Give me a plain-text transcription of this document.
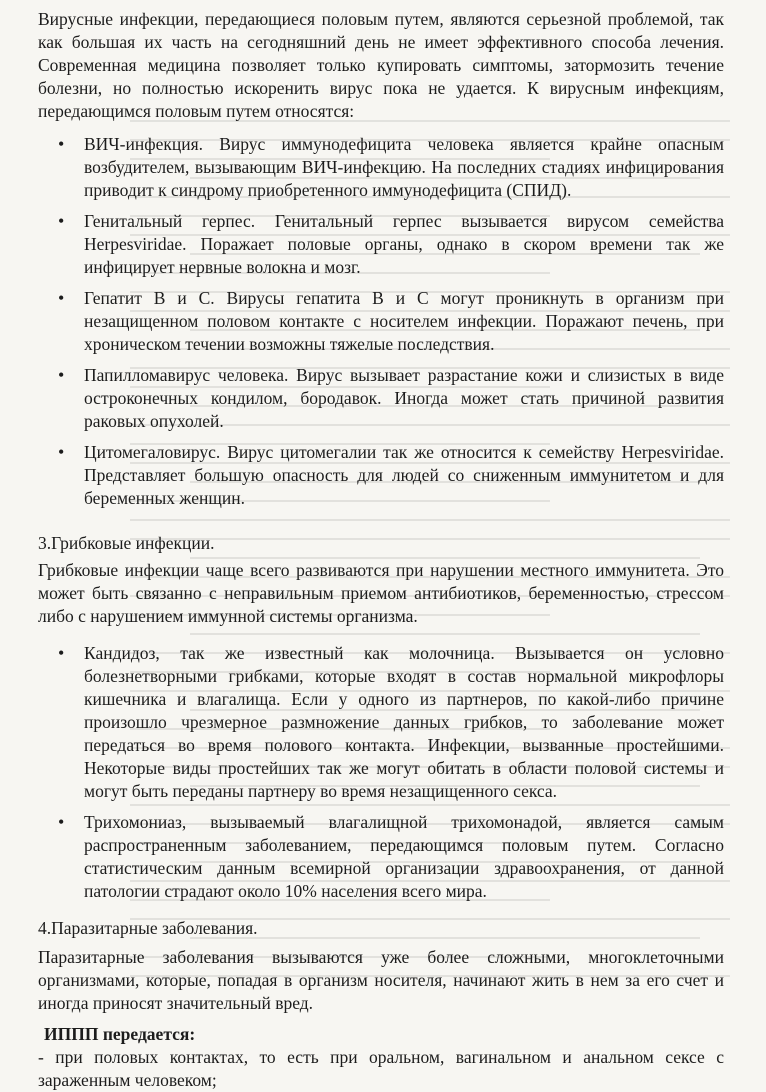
Вирусные инфекции, передающиеся половым путем, являются серьезной проблемой, так как большая их часть на сегодняшний день не имеет эффективного способа лечения. Современная медицина позволяет только купировать симптомы, затормозить течение болезни, но полностью искоренить вирус пока не удается. К вирусным инфекциям, передающимся половым путем относятся:

• ВИЧ-инфекция. Вирус иммунодефицита человека является крайне опасным возбудителем, вызывающим ВИЧ-инфекцию. На последних стадиях инфицирования приводит к синдрому приобретенного иммунодефицита (СПИД).
• Генитальный герпес. Генитальный герпес вызывается вирусом семейства Herpesviridae. Поражает половые органы, однако в скором времени так же инфицирует нервные волокна и мозг.
• Гепатит B и C. Вирусы гепатита B и C могут проникнуть в организм при незащищенном половом контакте с носителем инфекции. Поражают печень, при хроническом течении возможны тяжелые последствия.
• Папилломавирус человека. Вирус вызывает разрастание кожи и слизистых в виде остроконечных кондилом, бородавок. Иногда может стать причиной развития раковых опухолей.
• Цитомегаловирус. Вирус цитомегалии так же относится к семейству Herpesviridae. Представляет большую опасность для людей со сниженным иммунитетом и для беременных женщин.

3.Грибковые инфекции.

Грибковые инфекции чаще всего развиваются при нарушении местного иммунитета. Это может быть связанно с неправильным приемом антибиотиков, беременностью, стрессом либо с нарушением иммунной системы организма.

• Кандидоз, так же известный как молочница. Вызывается он условно болезнетворными грибками, которые входят в состав нормальной микрофлоры кишечника и влагалища. Если у одного из партнеров, по какой-либо причине произошло чрезмерное размножение данных грибков, то заболевание может передаться во время полового контакта. Инфекции, вызванные простейшими. Некоторые виды простейших так же могут обитать в области половой системы и могут быть переданы партнеру во время незащищенного секса.
• Трихомониаз, вызываемый влагалищной трихомонадой, является самым распространенным заболеванием, передающимся половым путем. Согласно статистическим данным всемирной организации здравоохранения, от данной патологии страдают около 10% населения всего мира.

4.Паразитарные заболевания.

Паразитарные заболевания вызываются уже более сложными, многоклеточными организмами, которые, попадая в организм носителя, начинают жить в нем за его счет и иногда приносят значительный вред.

ИППП передается:

- при половых контактах, то есть при оральном, вагинальном и анальном сексе с зараженным человеком;
